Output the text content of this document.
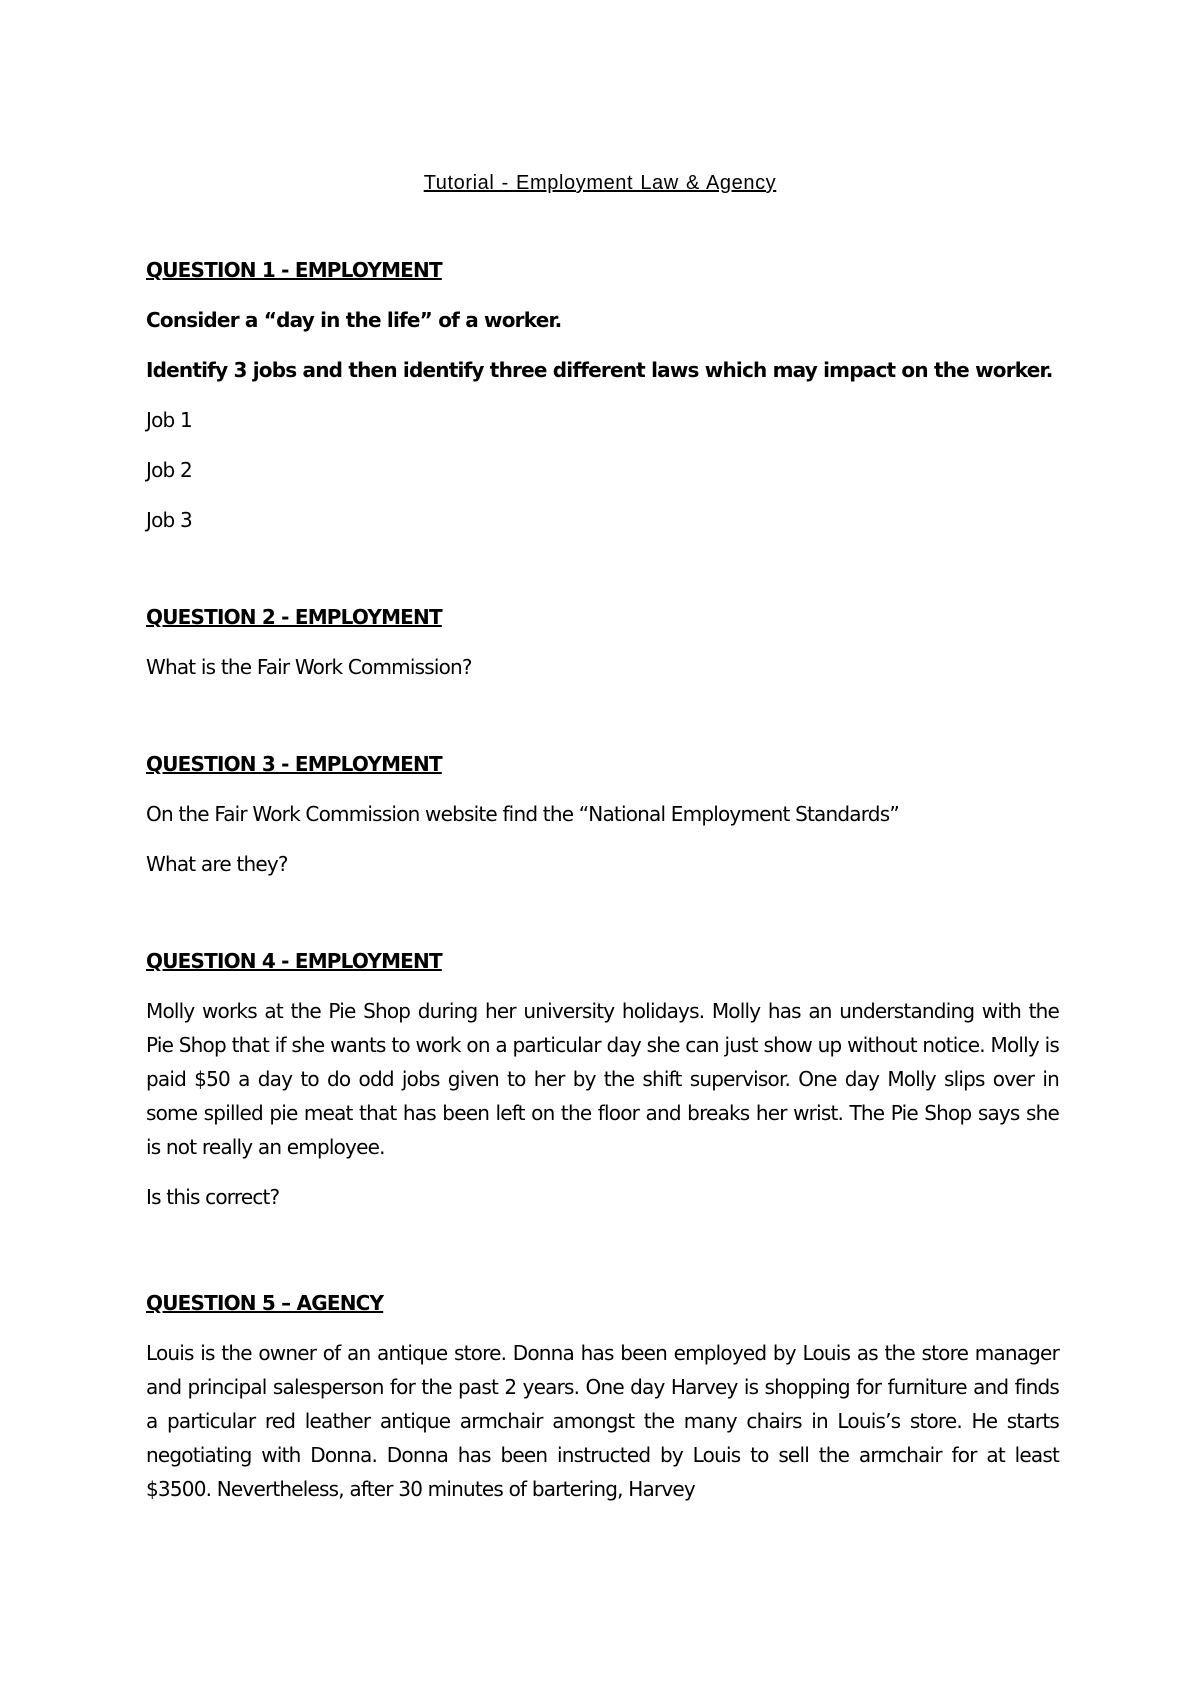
Tutorial - Employment Law & Agency
QUESTION 1 - EMPLOYMENT
Consider a “day in the life” of a worker.
Identify 3 jobs and then identify three different laws which may impact on the worker.
Job 1
Job 2
Job 3
QUESTION 2 - EMPLOYMENT
What is the Fair Work Commission?
QUESTION 3 - EMPLOYMENT
On the Fair Work Commission website find the “National Employment Standards”
What are they?
QUESTION 4 - EMPLOYMENT
Molly works at the Pie Shop during her university holidays. Molly has an understanding with the Pie Shop that if she wants to work on a particular day she can just show up without notice. Molly is paid $50 a day to do odd jobs given to her by the shift supervisor. One day Molly slips over in some spilled pie meat that has been left on the floor and breaks her wrist. The Pie Shop says she is not really an employee.
Is this correct?
QUESTION 5 – AGENCY
Louis is the owner of an antique store. Donna has been employed by Louis as the store manager and principal salesperson for the past 2 years. One day Harvey is shopping for furniture and finds a particular red leather antique armchair amongst the many chairs in Louis’s store. He starts negotiating with Donna. Donna has been instructed by Louis to sell the armchair for at least $3500. Nevertheless, after 30 minutes of bartering, Harvey
